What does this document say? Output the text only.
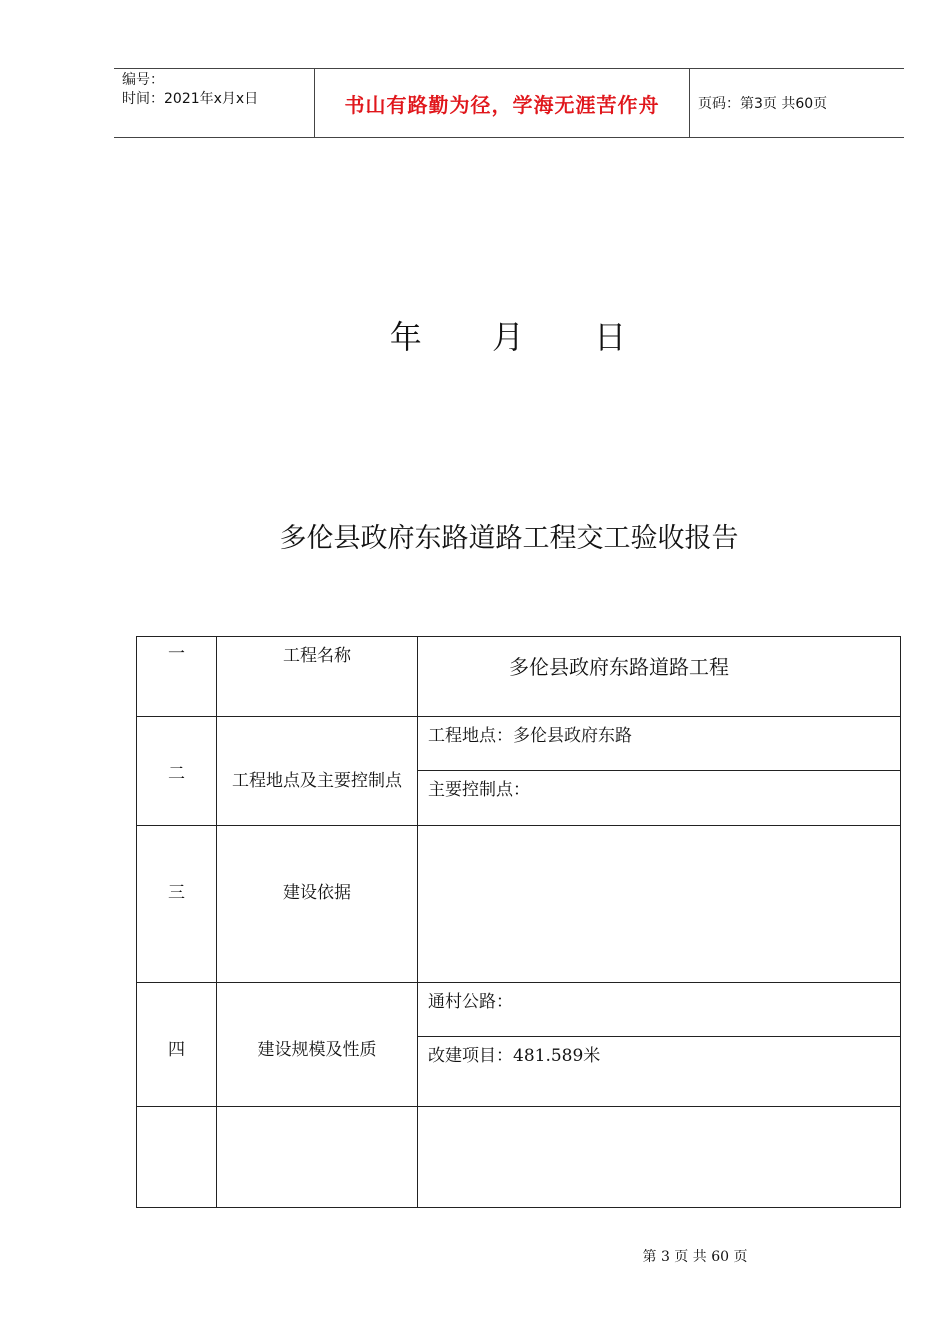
编号：
时间：2021年x月x日	书山有路勤为径，学海无涯苦作舟	页码：第3页 共60页
年 月 日
多伦县政府东路道路工程交工验收报告
一	工程名称	多伦县政府东路道路工程
二	工程地点及主要控制点	工程地点：多伦县政府东路
		主要控制点：
三	建设依据	
四	建设规模及性质	通村公路：
		改建项目：481.589米

第 3 页 共 60 页
